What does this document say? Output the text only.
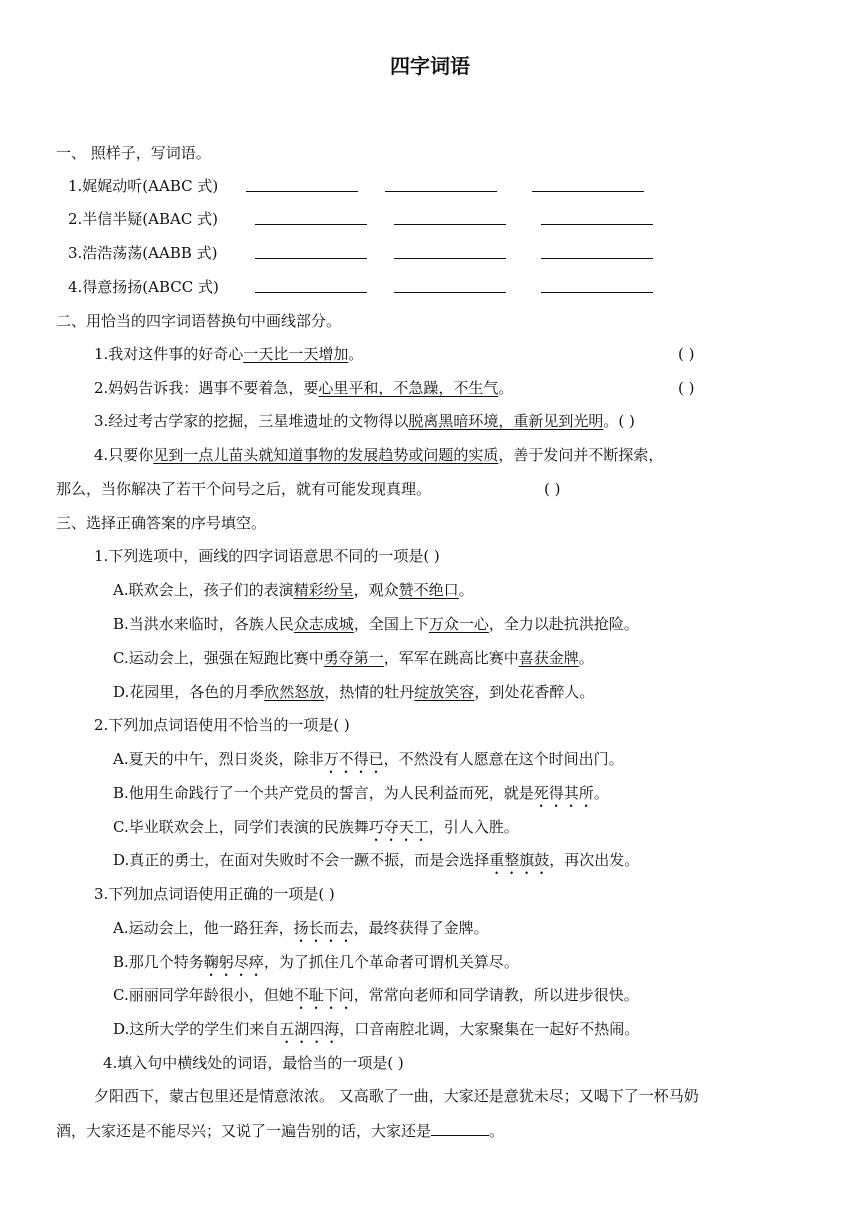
四字词语
一、 照样子，写词语。
1.娓娓动听(AABC 式)
2.半信半疑(ABAC 式)
3.浩浩荡荡(AABB 式)
4.得意扬扬(ABCC 式)
二、用恰当的四字词语替换句中画线部分。
1.我对这件事的好奇心一天比一天增加。	( )
2.妈妈告诉我：遇事不要着急，要心里平和，不急躁，不生气。	( )
3.经过考古学家的挖掘，三星堆遗址的文物得以脱离黑暗环境，重新见到光明。( )
4.只要你见到一点儿苗头就知道事物的发展趋势或问题的实质，善于发问并不断探索，
那么，当你解决了若干个问号之后，就有可能发现真理。	( )
三、选择正确答案的序号填空。
1.下列选项中，画线的四字词语意思不同的一项是( )
A.联欢会上，孩子们的表演精彩纷呈，观众赞不绝口。
B.当洪水来临时，各族人民众志成城，全国上下万众一心，全力以赴抗洪抢险。
C.运动会上，强强在短跑比赛中勇夺第一，军军在跳高比赛中喜获金牌。
D.花园里，各色的月季欣然怒放，热情的牡丹绽放笑容，到处花香醉人。
2.下列加点词语使用不恰当的一项是( )
A.夏天的中午，烈日炎炎，除非万不得已，不然没有人愿意在这个时间出门。
B.他用生命践行了一个共产党员的誓言，为人民利益而死，就是死得其所。
C.毕业联欢会上，同学们表演的民族舞巧夺天工，引人入胜。
D.真正的勇士，在面对失败时不会一蹶不振，而是会选择重整旗鼓，再次出发。
3.下列加点词语使用正确的一项是( )
A.运动会上，他一路狂奔，扬长而去，最终获得了金牌。
B.那几个特务鞠躬尽瘁，为了抓住几个革命者可谓机关算尽。
C.丽丽同学年龄很小，但她不耻下问，常常向老师和同学请教，所以进步很快。
D.这所大学的学生们来自五湖四海，口音南腔北调，大家聚集在一起好不热闹。
4.填入句中横线处的词语，最恰当的一项是( )
夕阳西下，蒙古包里还是情意浓浓。 又高歌了一曲，大家还是意犹未尽；又喝下了一杯马奶
酒，大家还是不能尽兴；又说了一遍告别的话，大家还是	。
